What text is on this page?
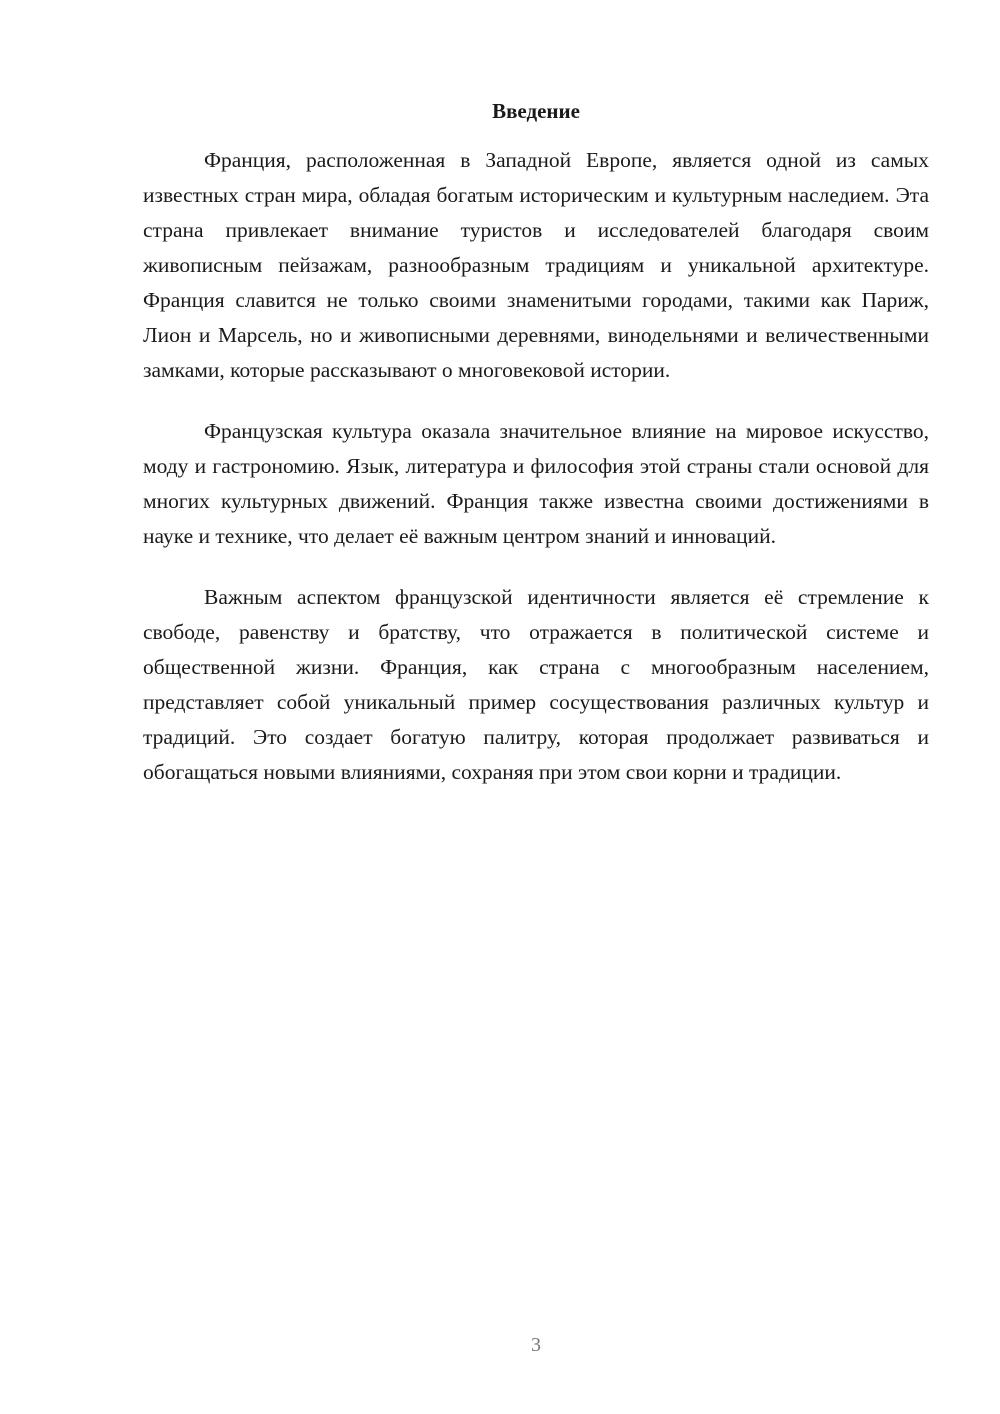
Введение

Франция, расположенная в Западной Европе, является одной из самых известных стран мира, обладая богатым историческим и культурным наследием. Эта страна привлекает внимание туристов и исследователей благодаря своим живописным пейзажам, разнообразным традициям и уникальной архитектуре. Франция славится не только своими знаменитыми городами, такими как Париж, Лион и Марсель, но и живописными деревнями, винодельнями и величественными замками, которые рассказывают о многовековой истории.

Французская культура оказала значительное влияние на мировое искусство, моду и гастрономию. Язык, литература и философия этой страны стали основой для многих культурных движений. Франция также известна своими достижениями в науке и технике, что делает её важным центром знаний и инноваций.

Важным аспектом французской идентичности является её стремление к свободе, равенству и братству, что отражается в политической системе и общественной жизни. Франция, как страна с многообразным населением, представляет собой уникальный пример сосуществования различных культур и традиций. Это создает богатую палитру, которая продолжает развиваться и обогащаться новыми влияниями, сохраняя при этом свои корни и традиции.

3
